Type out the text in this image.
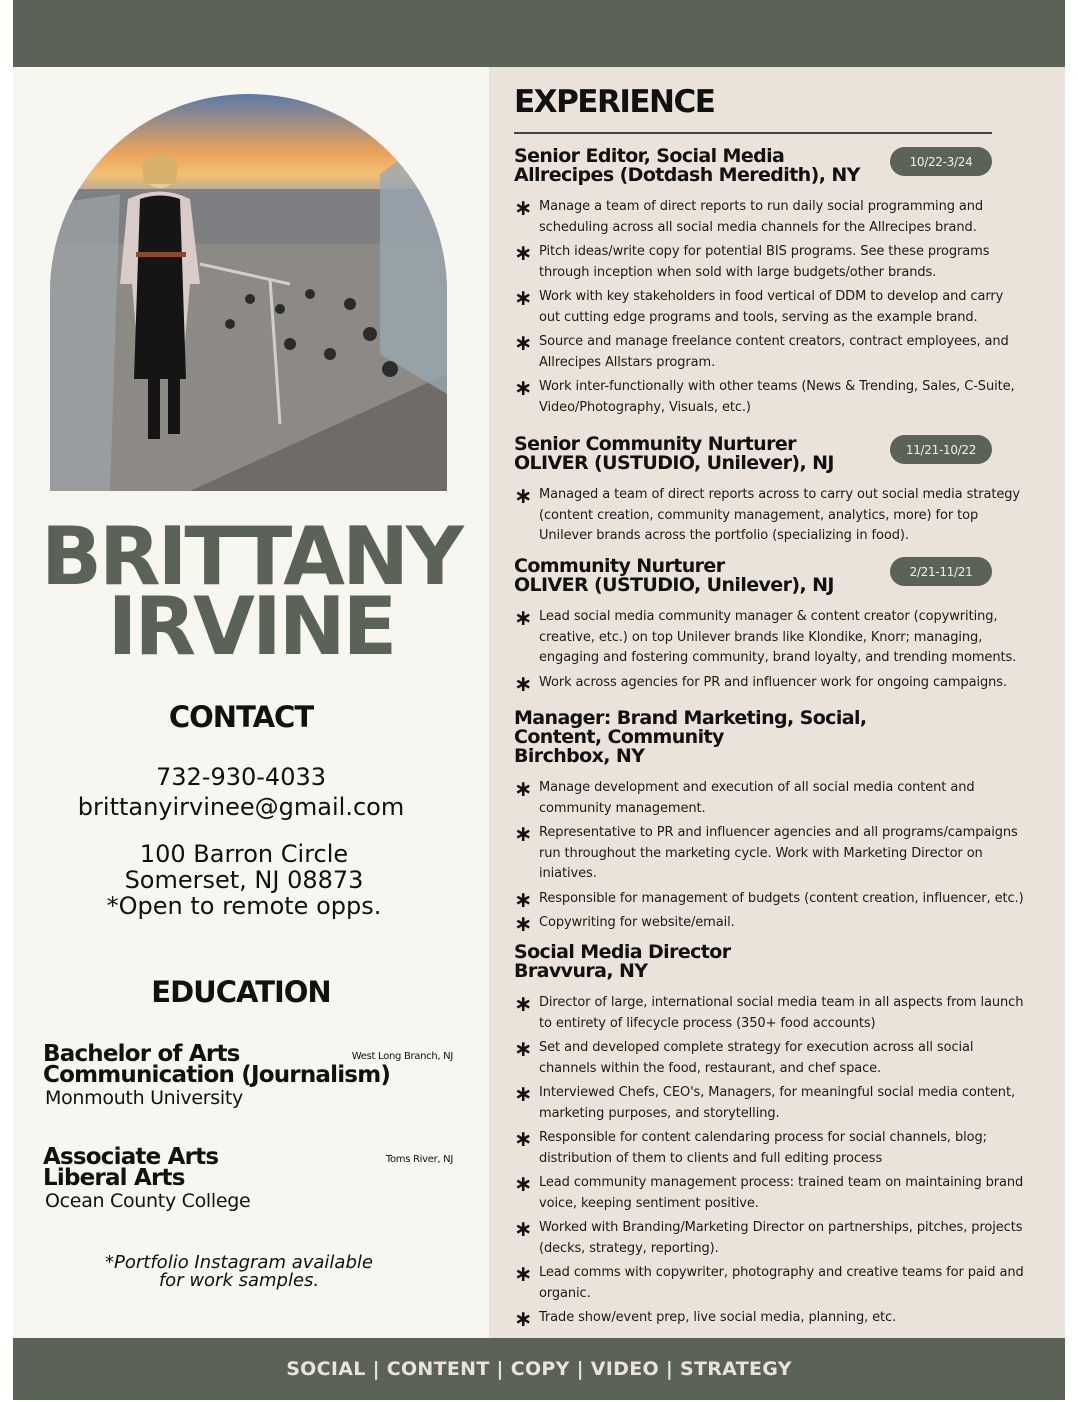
BRITTANY
IRVINE
CONTACT
732-930-4033
brittanyirvinee@gmail.com
100 Barron Circle
Somerset, NJ 08873
*Open to remote opps.
EDUCATION
Bachelor of Arts
Communication (Journalism)
Monmouth University
West Long Branch, NJ
Associate Arts
Liberal Arts
Ocean County College
Toms River, NJ
*Portfolio Instagram available
for work samples.
EXPERIENCE
Senior Editor, Social Media
Allrecipes (Dotdash Meredith), NY
10/22-3/24
∗ Manage a team of direct reports to run daily social programming and scheduling across all social media channels for the Allrecipes brand.
∗ Pitch ideas/write copy for potential BIS programs. See these programs through inception when sold with large budgets/other brands.
∗ Work with key stakeholders in food vertical of DDM to develop and carry out cutting edge programs and tools, serving as the example brand.
∗ Source and manage freelance content creators, contract employees, and Allrecipes Allstars program.
∗ Work inter-functionally with other teams (News & Trending, Sales, C-Suite, Video/Photography, Visuals, etc.)
Senior Community Nurturer
OLIVER (USTUDIO, Unilever), NJ
11/21-10/22
∗ Managed a team of direct reports across to carry out social media strategy (content creation, community management, analytics, more) for top Unilever brands across the portfolio (specializing in food).
Community Nurturer
OLIVER (USTUDIO, Unilever), NJ
2/21-11/21
∗ Lead social media community manager & content creator (copywriting, creative, etc.) on top Unilever brands like Klondike, Knorr; managing, engaging and fostering community, brand loyalty, and trending moments.
∗ Work across agencies for PR and influencer work for ongoing campaigns.
Manager: Brand Marketing, Social, Content, Community
Birchbox, NY
∗ Manage development and execution of all social media content and community management.
∗ Representative to PR and influencer agencies and all programs/campaigns run throughout the marketing cycle. Work with Marketing Director on iniatives.
∗ Responsible for management of budgets (content creation, influencer, etc.)
∗ Copywriting for website/email.
Social Media Director
Bravvura, NY
∗ Director of large, international social media team in all aspects from launch to entirety of lifecycle process (350+ food accounts)
∗ Set and developed complete strategy for execution across all social channels within the food, restaurant, and chef space.
∗ Interviewed Chefs, CEO's, Managers, for meaningful social media content, marketing purposes, and storytelling.
∗ Responsible for content calendaring process for social channels, blog; distribution of them to clients and full editing process
∗ Lead community management process: trained team on maintaining brand voice, keeping sentiment positive.
∗ Worked with Branding/Marketing Director on partnerships, pitches, projects (decks, strategy, reporting).
∗ Lead comms with copywriter, photography and creative teams for paid and organic.
∗ Trade show/event prep, live social media, planning, etc.
SOCIAL | CONTENT | COPY | VIDEO | STRATEGY
